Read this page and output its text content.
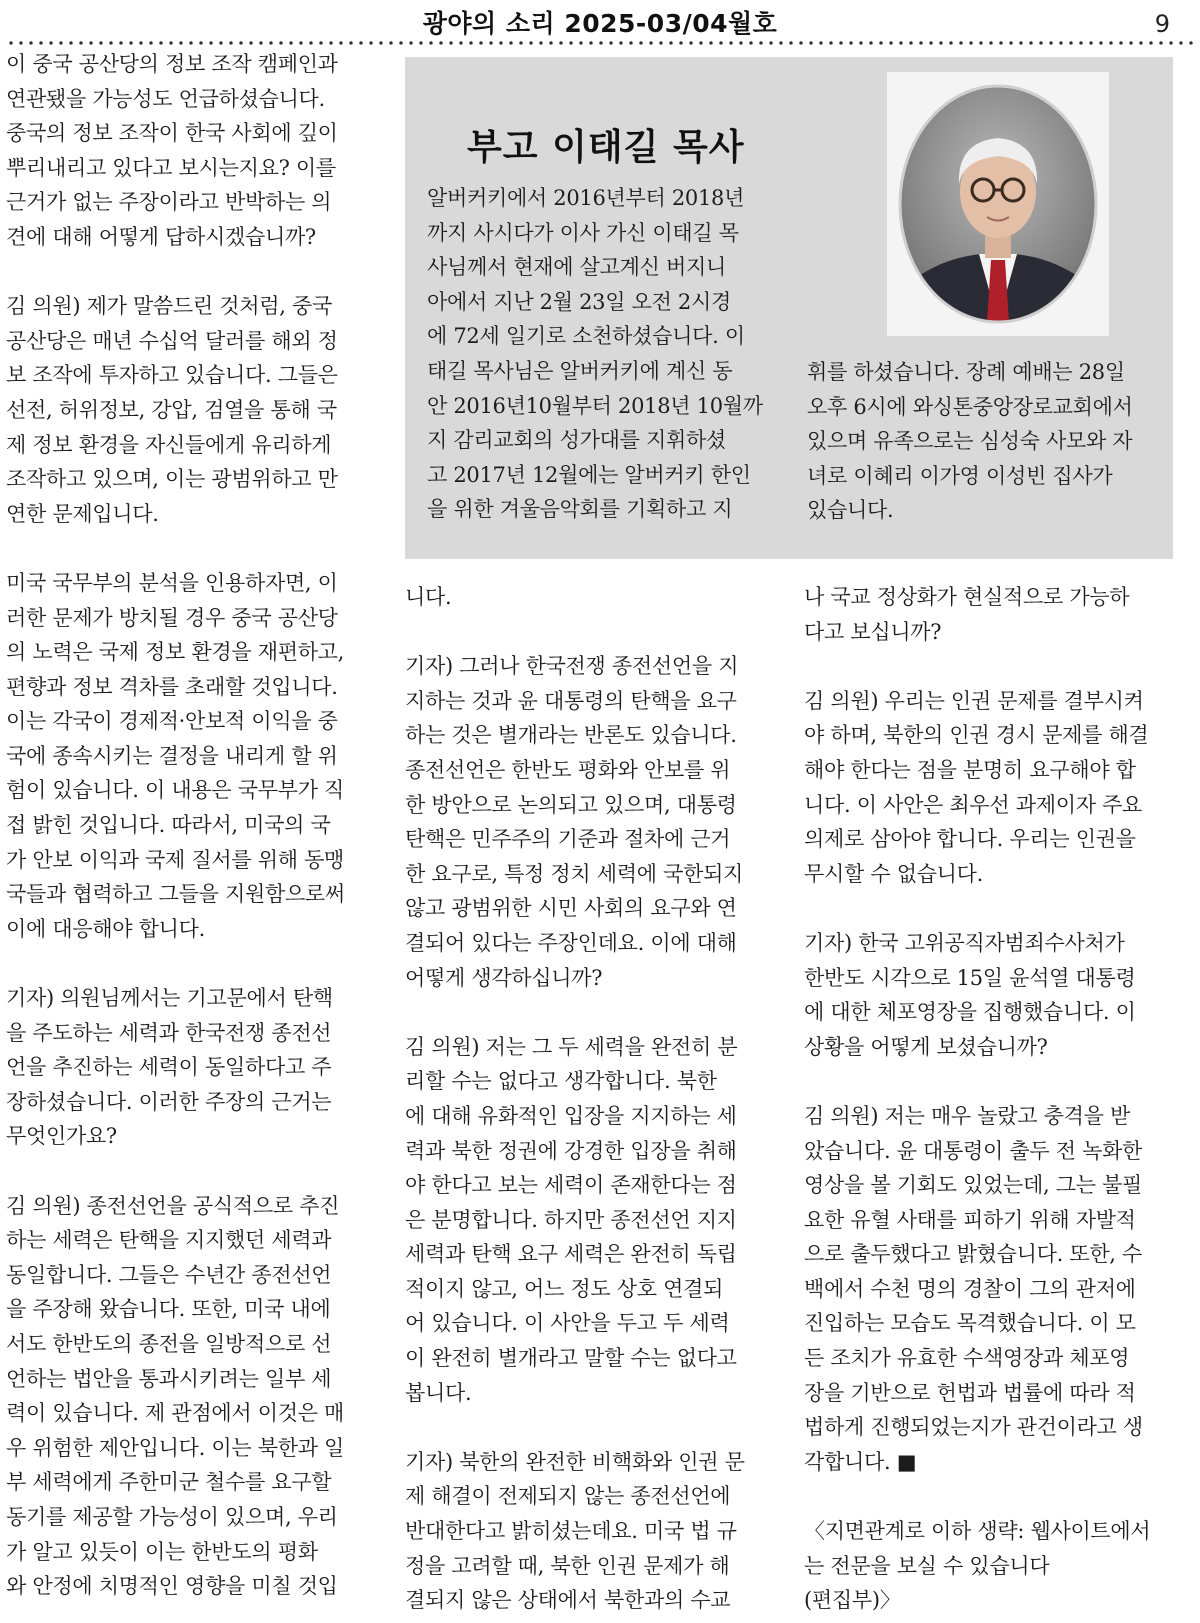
광야의 소리 2025-03/04월호	9

이 중국 공산당의 정보 조작 캠페인과
연관됐을 가능성도 언급하셨습니다.
중국의 정보 조작이 한국 사회에 깊이
뿌리내리고 있다고 보시는지요? 이를
근거가 없는 주장이라고 반박하는 의
견에 대해 어떻게 답하시겠습니까?

김 의원) 제가 말씀드린 것처럼, 중국
공산당은 매년 수십억 달러를 해외 정
보 조작에 투자하고 있습니다. 그들은
선전, 허위정보, 강압, 검열을 통해 국
제 정보 환경을 자신들에게 유리하게
조작하고 있으며, 이는 광범위하고 만
연한 문제입니다.

미국 국무부의 분석을 인용하자면, 이
러한 문제가 방치될 경우 중국 공산당
의 노력은 국제 정보 환경을 재편하고,
편향과 정보 격차를 초래할 것입니다.
이는 각국이 경제적·안보적 이익을 중
국에 종속시키는 결정을 내리게 할 위
험이 있습니다. 이 내용은 국무부가 직
접 밝힌 것입니다. 따라서, 미국의 국
가 안보 이익과 국제 질서를 위해 동맹
국들과 협력하고 그들을 지원함으로써
이에 대응해야 합니다.

기자) 의원님께서는 기고문에서 탄핵
을 주도하는 세력과 한국전쟁 종전선
언을 추진하는 세력이 동일하다고 주
장하셨습니다. 이러한 주장의 근거는
무엇인가요?

김 의원) 종전선언을 공식적으로 추진
하는 세력은 탄핵을 지지했던 세력과
동일합니다. 그들은 수년간 종전선언
을 주장해 왔습니다. 또한, 미국 내에
서도 한반도의 종전을 일방적으로 선
언하는 법안을 통과시키려는 일부 세
력이 있습니다. 제 관점에서 이것은 매
우 위험한 제안입니다. 이는 북한과 일
부 세력에게 주한미군 철수를 요구할
동기를 제공할 가능성이 있으며, 우리
가 알고 있듯이 이는 한반도의 평화
와 안정에 치명적인 영향을 미칠 것입

부고 이태길 목사
알버커키에서 2016년부터 2018년
까지 사시다가 이사 가신 이태길 목
사님께서 현재에 살고계신 버지니
아에서 지난 2월 23일 오전 2시경
에 72세 일기로 소천하셨습니다. 이
태길 목사님은 알버커키에 계신 동
안 2016년10월부터 2018년 10월까
지 감리교회의 성가대를 지휘하셨
고 2017년 12월에는 알버커키 한인
을 위한 겨울음악회를 기획하고 지
휘를 하셨습니다. 장례 예배는 28일
오후 6시에 와싱톤중앙장로교회에서
있으며 유족으로는 심성숙 사모와 자
녀로 이혜리 이가영 이성빈 집사가
있습니다.

니다.

기자) 그러나 한국전쟁 종전선언을 지
지하는 것과 윤 대통령의 탄핵을 요구
하는 것은 별개라는 반론도 있습니다.
종전선언은 한반도 평화와 안보를 위
한 방안으로 논의되고 있으며, 대통령
탄핵은 민주주의 기준과 절차에 근거
한 요구로, 특정 정치 세력에 국한되지
않고 광범위한 시민 사회의 요구와 연
결되어 있다는 주장인데요. 이에 대해
어떻게 생각하십니까?

김 의원) 저는 그 두 세력을 완전히 분
리할 수는 없다고 생각합니다. 북한
에 대해 유화적인 입장을 지지하는 세
력과 북한 정권에 강경한 입장을 취해
야 한다고 보는 세력이 존재한다는 점
은 분명합니다. 하지만 종전선언 지지
세력과 탄핵 요구 세력은 완전히 독립
적이지 않고, 어느 정도 상호 연결되
어 있습니다. 이 사안을 두고 두 세력
이 완전히 별개라고 말할 수는 없다고
봅니다.

기자) 북한의 완전한 비핵화와 인권 문
제 해결이 전제되지 않는 종전선언에
반대한다고 밝히셨는데요. 미국 법 규
정을 고려할 때, 북한 인권 문제가 해
결되지 않은 상태에서 북한과의 수교

나 국교 정상화가 현실적으로 가능하
다고 보십니까?

김 의원) 우리는 인권 문제를 결부시켜
야 하며, 북한의 인권 경시 문제를 해결
해야 한다는 점을 분명히 요구해야 합
니다. 이 사안은 최우선 과제이자 주요
의제로 삼아야 합니다. 우리는 인권을
무시할 수 없습니다.

기자) 한국 고위공직자범죄수사처가
한반도 시각으로 15일 윤석열 대통령
에 대한 체포영장을 집행했습니다. 이
상황을 어떻게 보셨습니까?

김 의원) 저는 매우 놀랐고 충격을 받
았습니다. 윤 대통령이 출두 전 녹화한
영상을 볼 기회도 있었는데, 그는 불필
요한 유혈 사태를 피하기 위해 자발적
으로 출두했다고 밝혔습니다. 또한, 수
백에서 수천 명의 경찰이 그의 관저에
진입하는 모습도 목격했습니다. 이 모
든 조치가 유효한 수색영장과 체포영
장을 기반으로 헌법과 법률에 따라 적
법하게 진행되었는지가 관건이라고 생
각합니다. ■

〈지면관계로 이하 생략: 웹사이트에서
는 전문을 보실 수 있습니다
(편집부)〉
